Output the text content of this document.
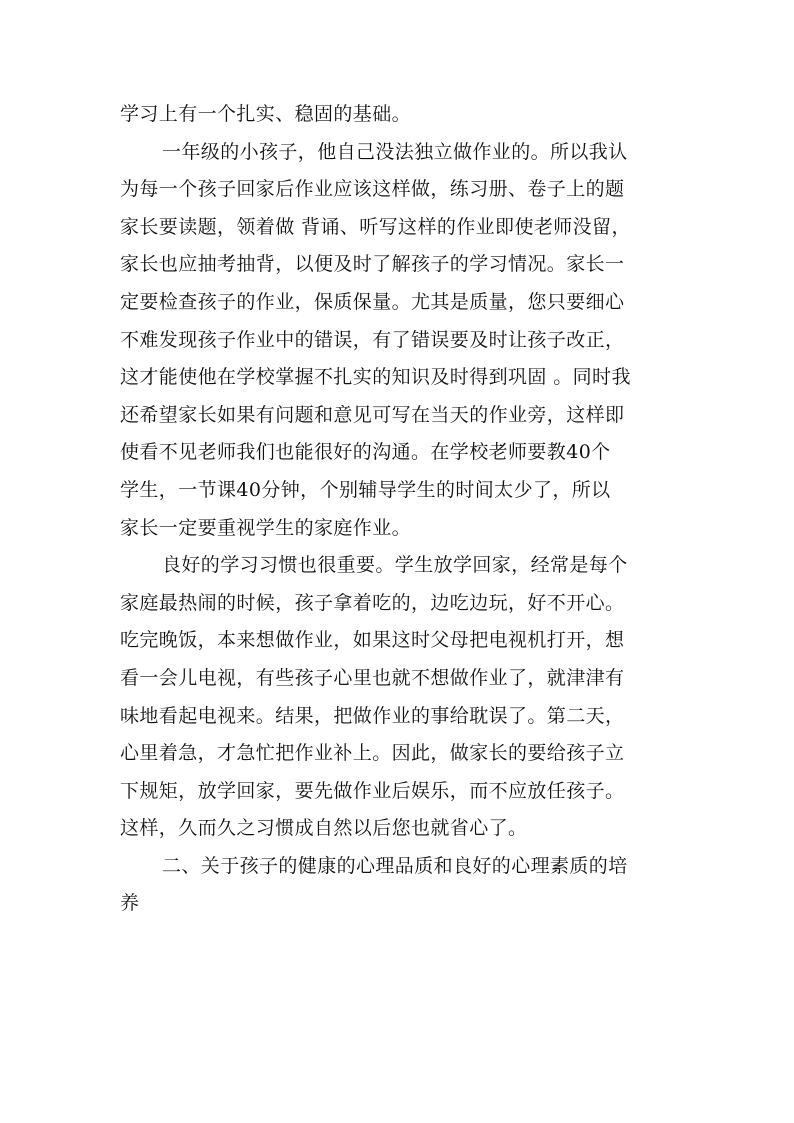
学习上有一个扎实、稳固的基础。

一年级的小孩子，他自己没法独立做作业的。所以我认
为每一个孩子回家后作业应该这样做，练习册、卷子上的题
家长要读题，领着做 背诵、听写这样的作业即使老师没留，
家长也应抽考抽背，以便及时了解孩子的学习情况。家长一
定要检查孩子的作业，保质保量。尤其是质量，您只要细心
不难发现孩子作业中的错误，有了错误要及时让孩子改正，
这才能使他在学校掌握不扎实的知识及时得到巩固 。同时我
还希望家长如果有问题和意见可写在当天的作业旁，这样即
使看不见老师我们也能很好的沟通。在学校老师要教40个
学生，一节课40分钟，个别辅导学生的时间太少了，所以
家长一定要重视学生的家庭作业。

良好的学习习惯也很重要。学生放学回家，经常是每个
家庭最热闹的时候，孩子拿着吃的，边吃边玩，好不开心。
吃完晚饭，本来想做作业，如果这时父母把电视机打开，想
看一会儿电视，有些孩子心里也就不想做作业了，就津津有
味地看起电视来。结果，把做作业的事给耽误了。第二天，
心里着急，才急忙把作业补上。因此，做家长的要给孩子立
下规矩，放学回家，要先做作业后娱乐，而不应放任孩子。
这样，久而久之习惯成自然以后您也就省心了。

二、关于孩子的健康的心理品质和良好的心理素质的培
养
